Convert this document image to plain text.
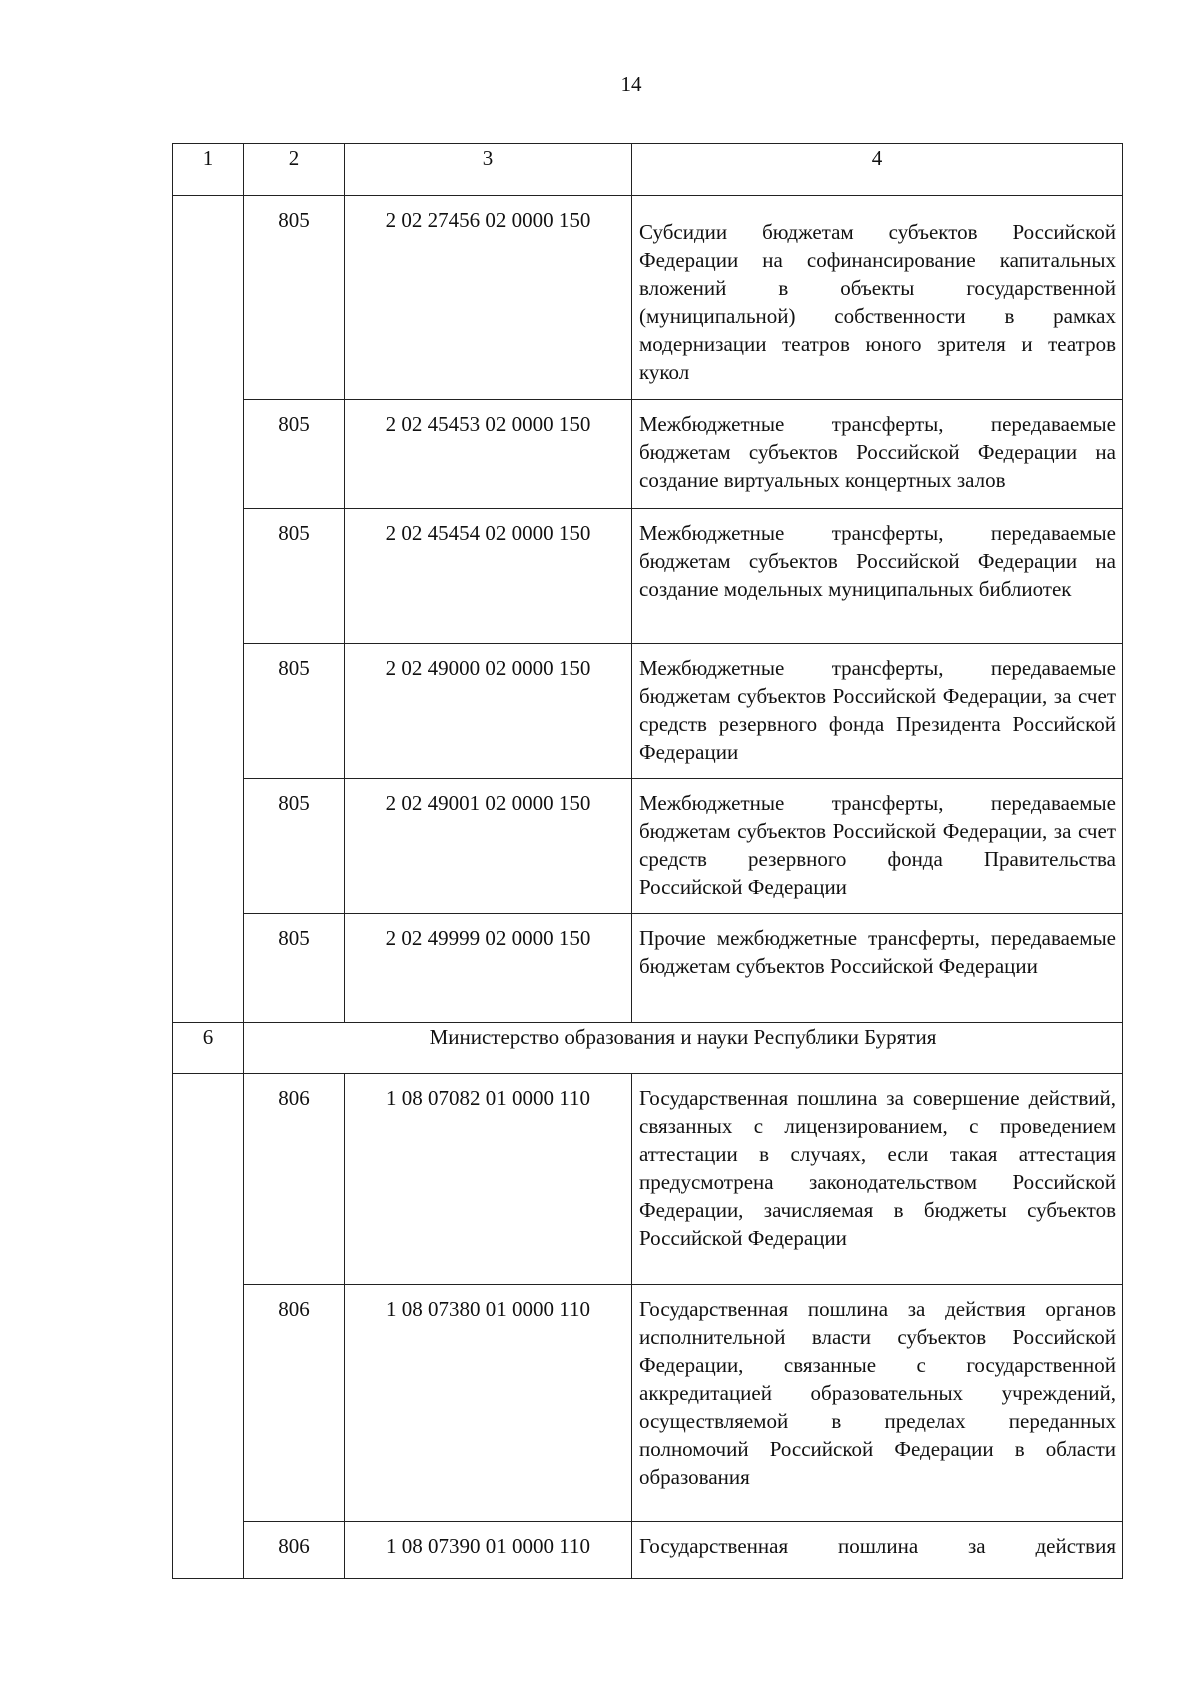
14
1	2	3	4
	805	2 02 27456 02 0000 150	Субсидии бюджетам субъектов Российской Федерации на софинансирование капитальных вложений в объекты государственной (муниципальной) собственности в рамках модернизации театров юного зрителя и театров кукол
	805	2 02 45453 02 0000 150	Межбюджетные трансферты, передаваемые бюджетам субъектов Российской Федерации на создание виртуальных концертных залов
	805	2 02 45454 02 0000 150	Межбюджетные трансферты, передаваемые бюджетам субъектов Российской Федерации на создание модельных муниципальных библиотек
	805	2 02 49000 02 0000 150	Межбюджетные трансферты, передаваемые бюджетам субъектов Российской Федерации, за счет средств резервного фонда Президента Российской Федерации
	805	2 02 49001 02 0000 150	Межбюджетные трансферты, передаваемые бюджетам субъектов Российской Федерации, за счет средств резервного фонда Правительства Российской Федерации
	805	2 02 49999 02 0000 150	Прочие межбюджетные трансферты, передаваемые бюджетам субъектов Российской Федерации
6	Министерство образования и науки Республики Бурятия		
	806	1 08 07082 01 0000 110	Государственная пошлина за совершение действий, связанных с лицензированием, с проведением аттестации в случаях, если такая аттестация предусмотрена законодательством Российской Федерации, зачисляемая в бюджеты субъектов Российской Федерации
	806	1 08 07380 01 0000 110	Государственная пошлина за действия органов исполнительной власти субъектов Российской Федерации, связанные с государственной аккредитацией образовательных учреждений, осуществляемой в пределах переданных полномочий Российской Федерации в области образования
	806	1 08 07390 01 0000 110	Государственная пошлина за действия
